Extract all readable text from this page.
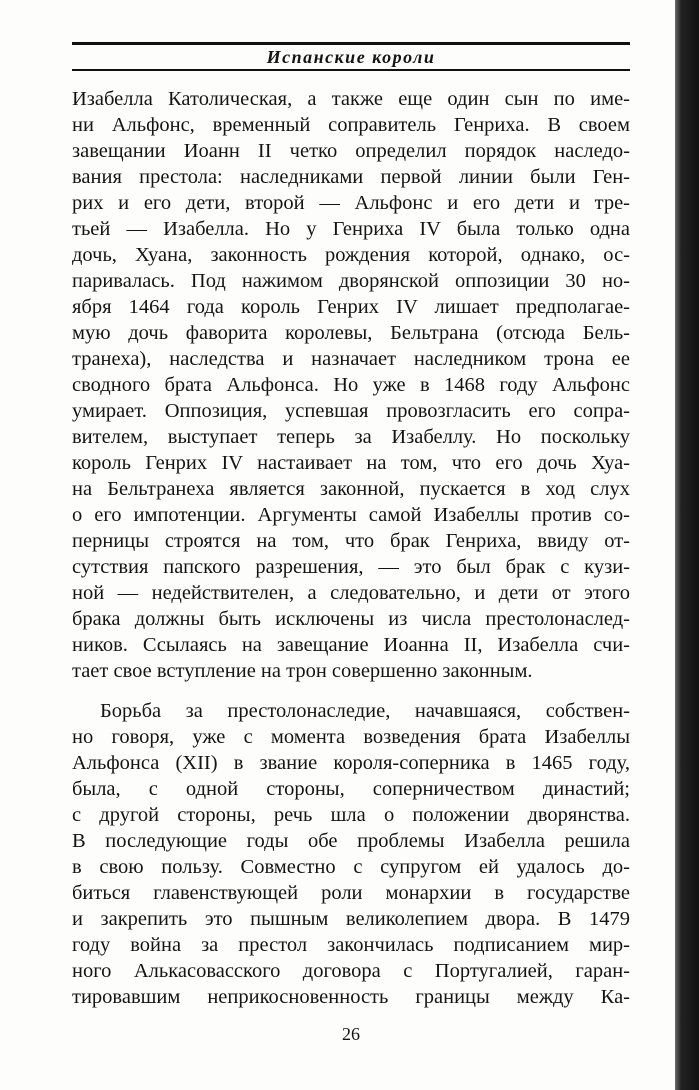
Испанские короли
Изабелла Католическая, а также еще один сын по име-
ни Альфонс, временный соправитель Генриха. В своем
завещании Иоанн II четко определил порядок наследо-
вания престола: наследниками первой линии были Ген-
рих и его дети, второй — Альфонс и его дети и тре-
тьей — Изабелла. Но у Генриха IV была только одна
дочь, Хуана, законность рождения которой, однако, ос-
паривалась. Под нажимом дворянской оппозиции 30 но-
ября 1464 года король Генрих IV лишает предполагае-
мую дочь фаворита королевы, Бельтрана (отсюда Бель-
транеха), наследства и назначает наследником трона ее
сводного брата Альфонса. Но уже в 1468 году Альфонс
умирает. Оппозиция, успевшая провозгласить его сопра-
вителем, выступает теперь за Изабеллу. Но поскольку
король Генрих IV настаивает на том, что его дочь Хуа-
на Бельтранеха является законной, пускается в ход слух
о его импотенции. Аргументы самой Изабеллы против со-
перницы строятся на том, что брак Генриха, ввиду от-
сутствия папского разрешения, — это был брак с кузи-
ной — недействителен, а следовательно, и дети от этого
брака должны быть исключены из числа престолонаслед-
ников. Ссылаясь на завещание Иоанна II, Изабелла счи-
тает свое вступление на трон совершенно законным.
Борьба за престолонаследие, начавшаяся, собствен-
но говоря, уже с момента возведения брата Изабеллы
Альфонса (XII) в звание короля-соперника в 1465 году,
была, с одной стороны, соперничеством династий;
с другой стороны, речь шла о положении дворянства.
В последующие годы обе проблемы Изабелла решила
в свою пользу. Совместно с супругом ей удалось до-
биться главенствующей роли монархии в государстве
и закрепить это пышным великолепием двора. В 1479
году война за престол закончилась подписанием мир-
ного Алькасовасского договора с Португалией, гаран-
тировавшим неприкосновенность границы между Ка-
26
